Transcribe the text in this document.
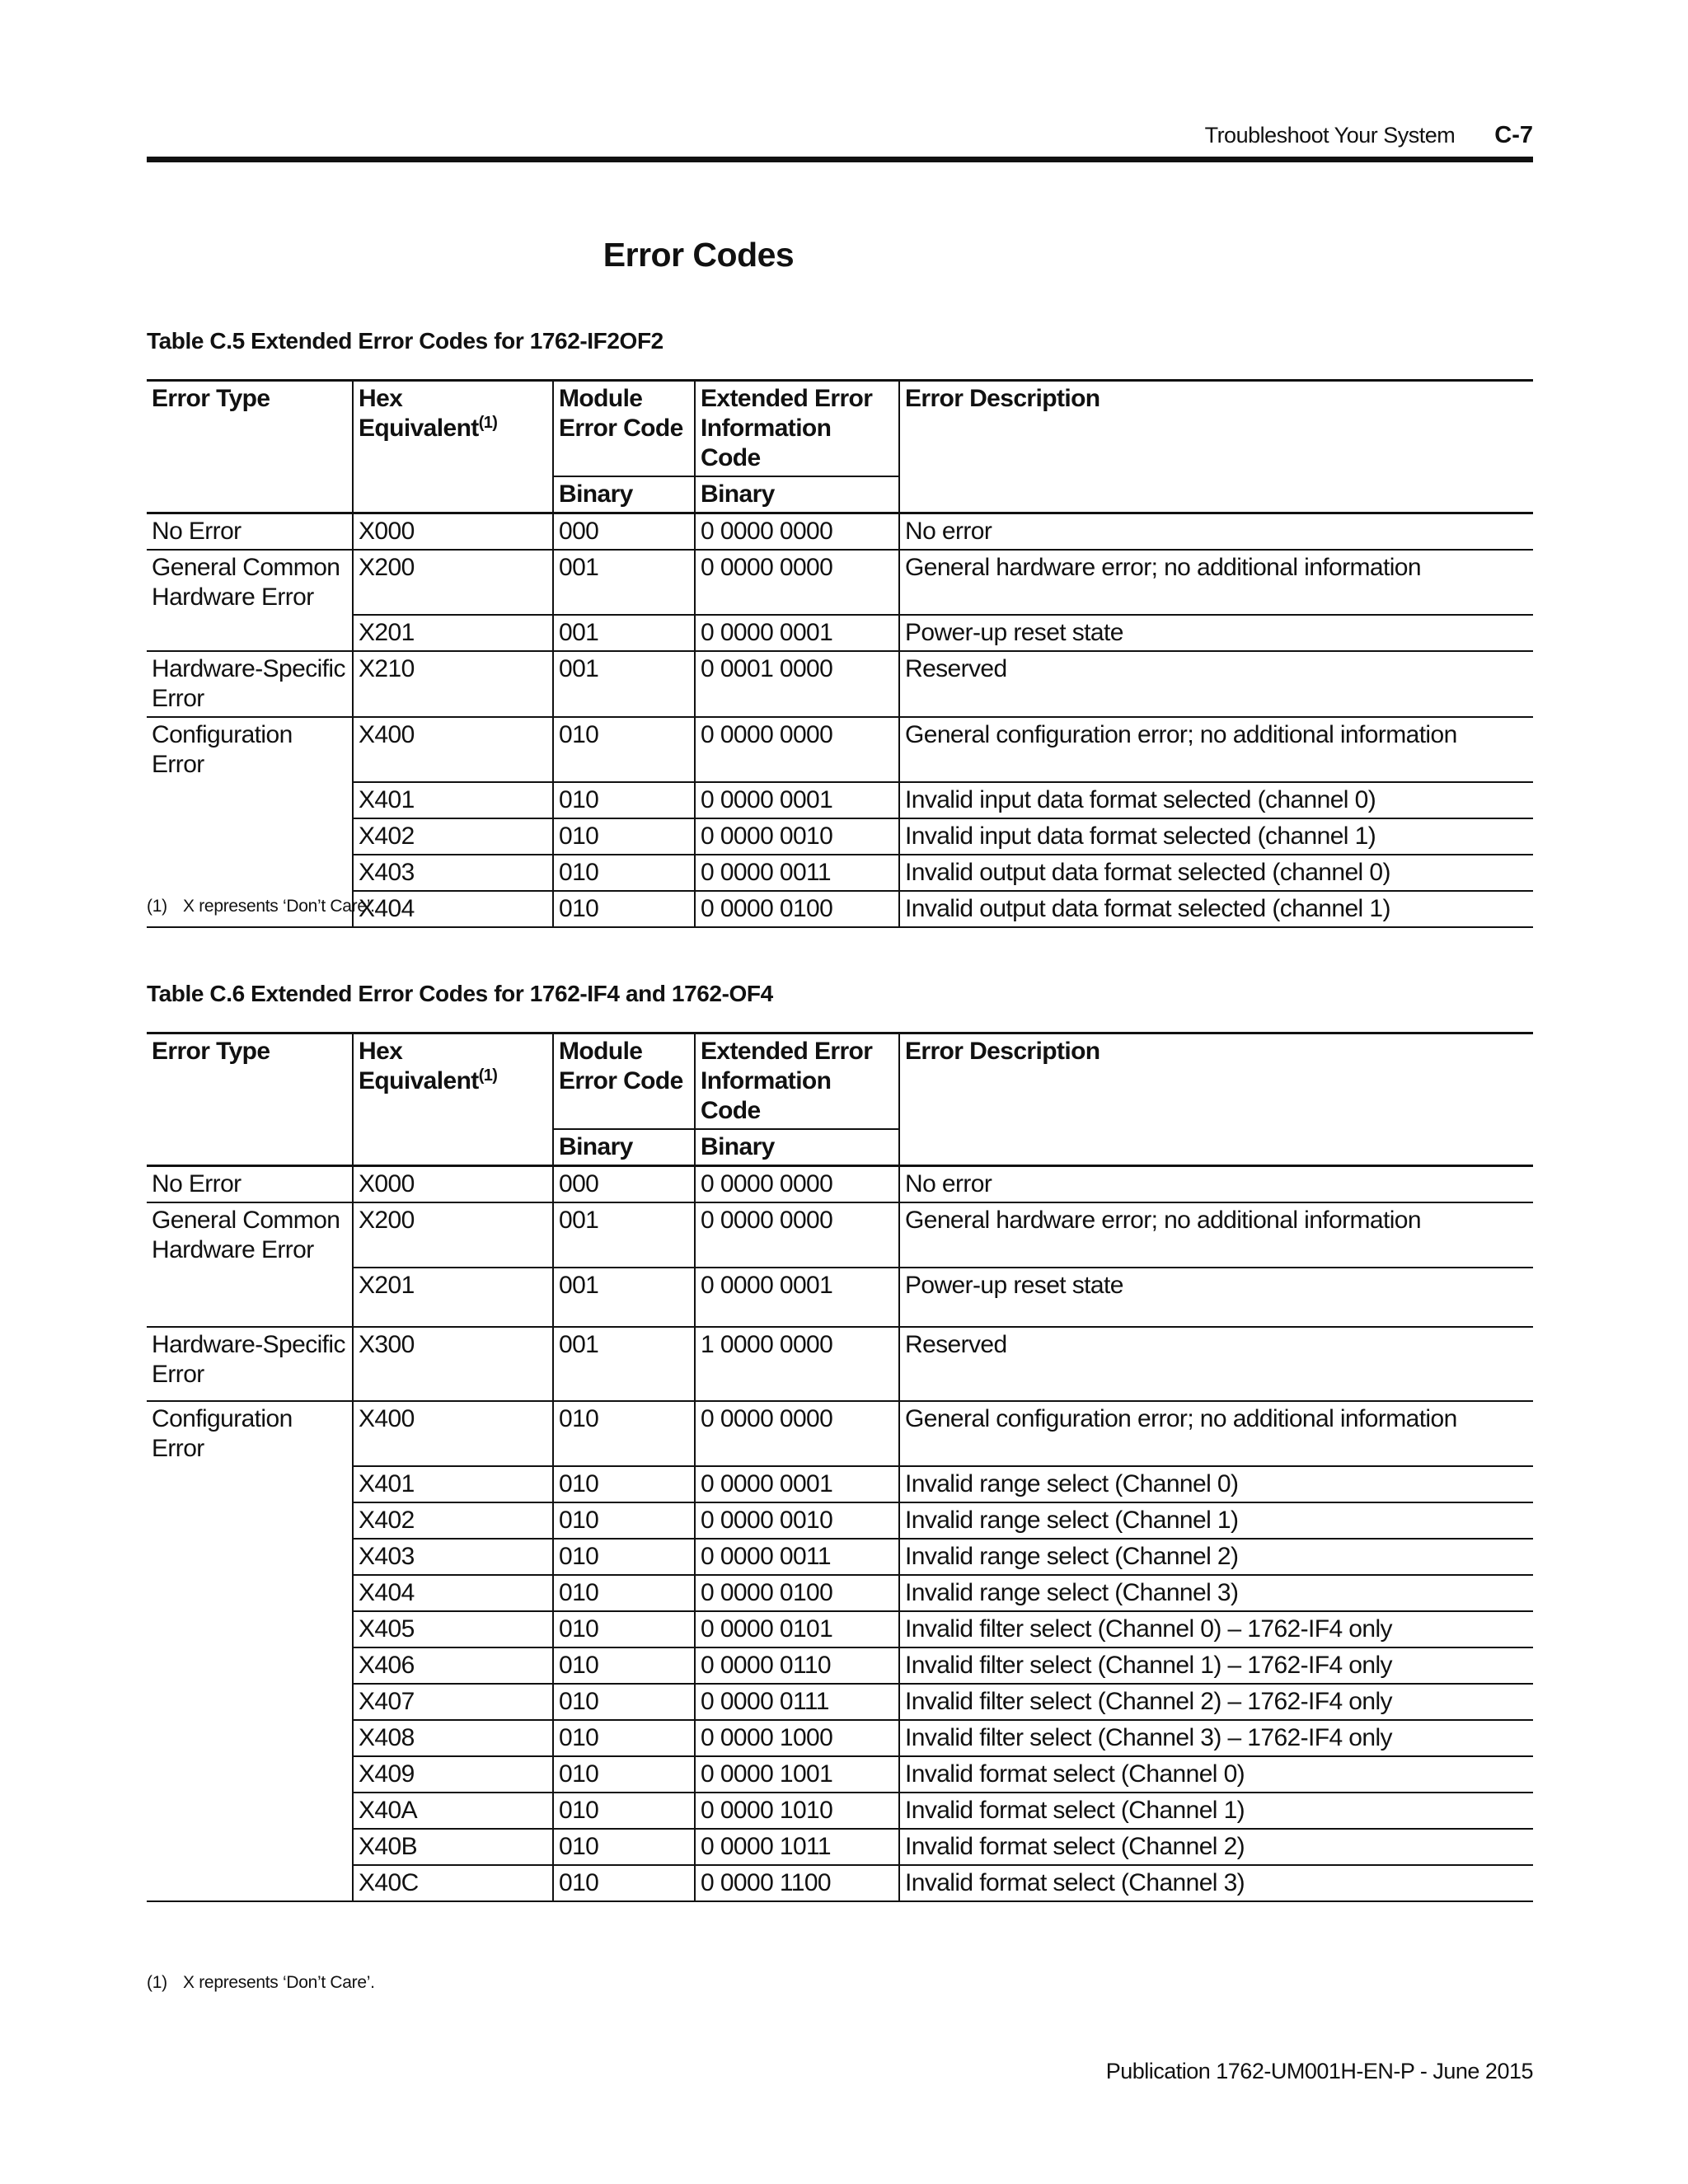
Troubleshoot Your System C-7
Error Codes
Table C.5 Extended Error Codes for 1762-IF2OF2
Error Type	Hex Equivalent$^{(1)}$	Module Error Code	Extended Error Information Code	Error Description
		Binary	Binary	
No Error	X000	000	0 0000 0000	No error
General Common Hardware Error	X200	001	0 0000 0000	General hardware error; no additional information
	X201	001	0 0000 0001	Power-up reset state
Hardware-Specific Error	X210	001	0 0001 0000	Reserved
Configuration Error	X400	010	0 0000 0000	General configuration error; no additional information
	X401	010	0 0000 0001	Invalid input data format selected (channel 0)
	X402	010	0 0000 0010	Invalid input data format selected (channel 1)
	X403	010	0 0000 0011	Invalid output data format selected (channel 0)
	X404	010	0 0000 0100	Invalid output data format selected (channel 1)
(1) X represents ‘Don’t Care’.
Table C.6 Extended Error Codes for 1762-IF4 and 1762-OF4
Error Type	Hex Equivalent$^{(1)}$	Module Error Code	Extended Error Information Code	Error Description
		Binary	Binary	
No Error	X000	000	0 0000 0000	No error
General Common Hardware Error	X200	001	0 0000 0000	General hardware error; no additional information
	X201	001	0 0000 0001	Power-up reset state
Hardware-Specific Error	X300	001	1 0000 0000	Reserved
Configuration Error	X400	010	0 0000 0000	General configuration error; no additional information
	X401	010	0 0000 0001	Invalid range select (Channel 0)
	X402	010	0 0000 0010	Invalid range select (Channel 1)
	X403	010	0 0000 0011	Invalid range select (Channel 2)
	X404	010	0 0000 0100	Invalid range select (Channel 3)
	X405	010	0 0000 0101	Invalid filter select (Channel 0) – 1762-IF4 only
	X406	010	0 0000 0110	Invalid filter select (Channel 1) – 1762-IF4 only
	X407	010	0 0000 0111	Invalid filter select (Channel 2) – 1762-IF4 only
	X408	010	0 0000 1000	Invalid filter select (Channel 3) – 1762-IF4 only
	X409	010	0 0000 1001	Invalid format select (Channel 0)
	X40A	010	0 0000 1010	Invalid format select (Channel 1)
	X40B	010	0 0000 1011	Invalid format select (Channel 2)
	X40C	010	0 0000 1100	Invalid format select (Channel 3)
(1) X represents ‘Don’t Care’.
Publication 1762-UM001H-EN-P - June 2015
